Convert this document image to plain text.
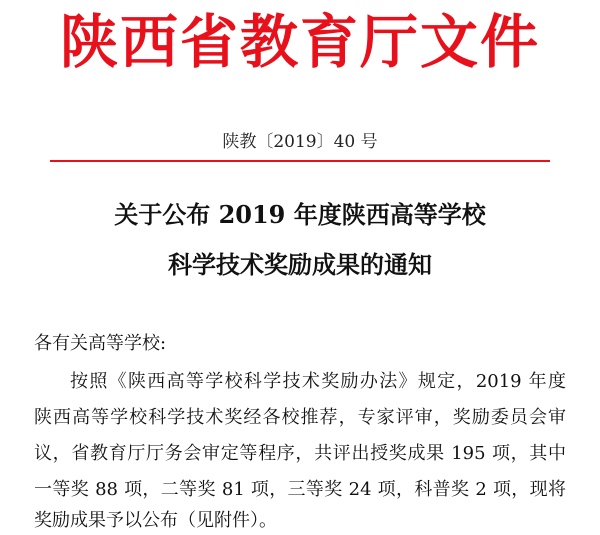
陕西省教育厅文件
陕教〔2019〕40 号
关于公布 2019 年度陕西高等学校
科学技术奖励成果的通知
各有关高等学校:
按照《陕西高等学校科学技术奖励办法》规定，2019 年度
陕西高等学校科学技术奖经各校推荐，专家评审，奖励委员会审
议，省教育厅厅务会审定等程序，共评出授奖成果 195 项，其中
一等奖 88 项，二等奖 81 项，三等奖 24 项，科普奖 2 项，现将
奖励成果予以公布（见附件）。
